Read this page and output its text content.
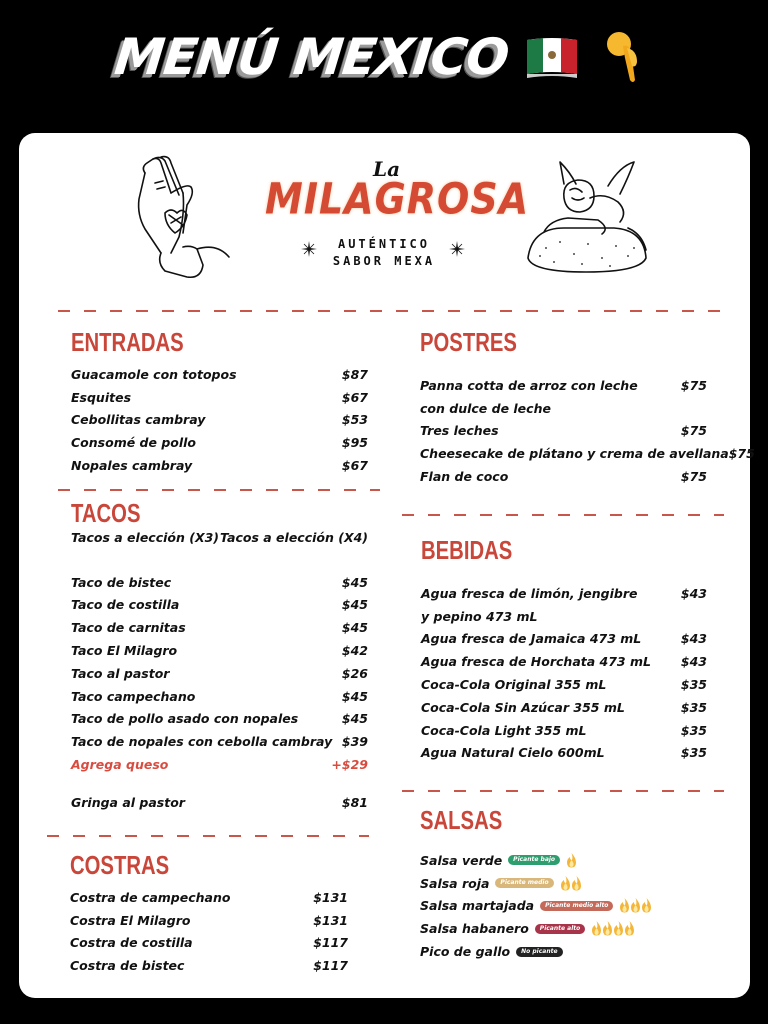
MENÚ MEXICO
La
MILAGROSA
AUTÉNTICO
SABOR MEXA
ENTRADAS
Guacamole con totopos	$87
Esquites	$67
Cebollitas cambray	$53
Consomé de pollo	$95
Nopales cambray	$67
TACOS
Tacos a elección (X3) Tacos a elección (X4)
Taco de bistec	$45
Taco de costilla	$45
Taco de carnitas	$45
Taco El Milagro	$42
Taco al pastor	$26
Taco campechano	$45
Taco de pollo asado con nopales	$45
Taco de nopales con cebolla cambray $39
Agrega queso	+$29
Gringa al pastor	$81
COSTRAS
Costra de campechano	$131
Costra El Milagro	$131
Costra de costilla	$117
Costra de bistec	$117
POSTRES
Panna cotta de arroz con leche	$75
con dulce de leche
Tres leches	$75
Cheesecake de plátano y crema de avellana $75
Flan de coco	$75
BEBIDAS
Agua fresca de limón, jengibre	$43
y pepino 473 mL
Agua fresca de Jamaica 473 mL	$43
Agua fresca de Horchata 473 mL $43
Coca-Cola Original 355 mL	$35
Coca-Cola Sin Azúcar 355 mL	$35
Coca-Cola Light 355 mL	$35
Agua Natural Cielo 600mL	$35
SALSAS
Salsa verde	Picante bajo
Salsa roja	Picante medio
Salsa martajada	Picante medio alto
Salsa habanero	Picante alto
Pico de gallo	No picante
